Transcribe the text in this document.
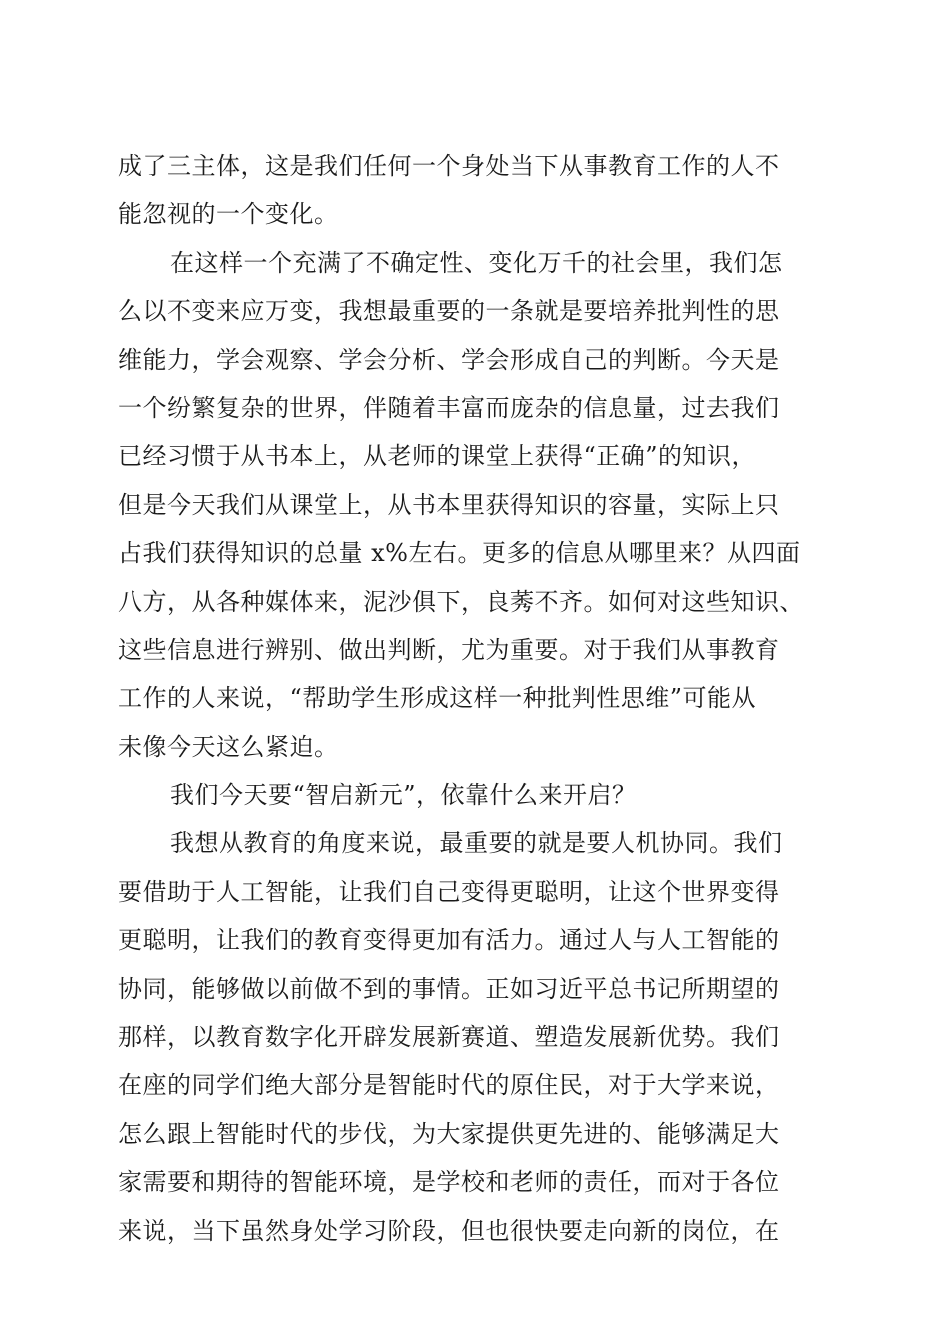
成了三主体，这是我们任何一个身处当下从事教育工作的人不
能忽视的一个变化。
在这样一个充满了不确定性、变化万千的社会里，我们怎
么以不变来应万变，我想最重要的一条就是要培养批判性的思
维能力，学会观察、学会分析、学会形成自己的判断。今天是
一个纷繁复杂的世界，伴随着丰富而庞杂的信息量，过去我们
已经习惯于从书本上，从老师的课堂上获得“正确”的知识，
但是今天我们从课堂上，从书本里获得知识的容量，实际上只
占我们获得知识的总量 x%左右。更多的信息从哪里来？从四面
八方，从各种媒体来，泥沙俱下，良莠不齐。如何对这些知识、
这些信息进行辨别、做出判断，尤为重要。对于我们从事教育
工作的人来说，“帮助学生形成这样一种批判性思维”可能从
未像今天这么紧迫。
我们今天要“智启新元”，依靠什么来开启？
我想从教育的角度来说，最重要的就是要人机协同。我们
要借助于人工智能，让我们自己变得更聪明，让这个世界变得
更聪明，让我们的教育变得更加有活力。通过人与人工智能的
协同，能够做以前做不到的事情。正如习近平总书记所期望的
那样，以教育数字化开辟发展新赛道、塑造发展新优势。我们
在座的同学们绝大部分是智能时代的原住民，对于大学来说，
怎么跟上智能时代的步伐，为大家提供更先进的、能够满足大
家需要和期待的智能环境，是学校和老师的责任，而对于各位
来说，当下虽然身处学习阶段，但也很快要走向新的岗位，在
